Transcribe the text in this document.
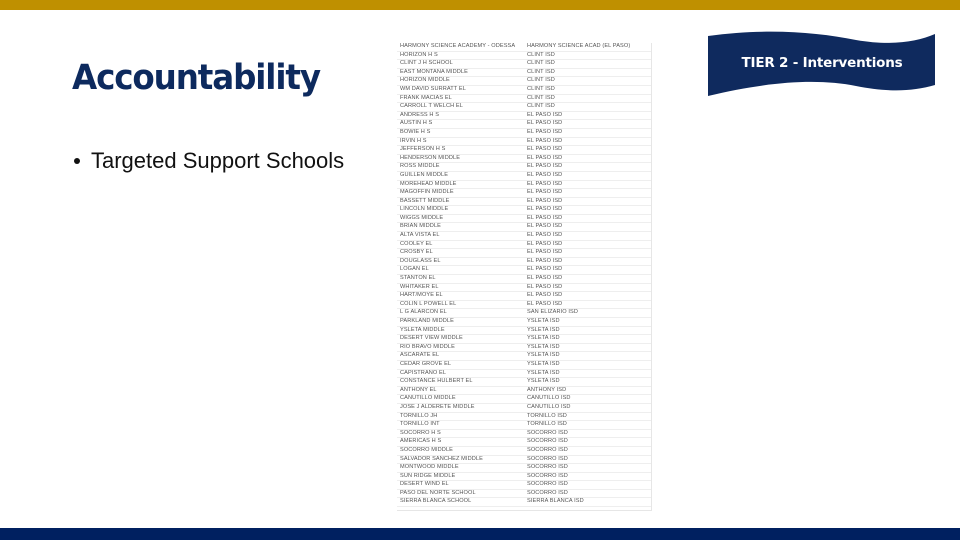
Accountability
Targeted Support Schools
HARMONY SCIENCE ACADEMY - ODESSA	HARMONY SCIENCE ACAD (EL PASO)
HORIZON H S	CLINT ISD
CLINT J H SCHOOL	CLINT ISD
EAST MONTANA MIDDLE	CLINT ISD
HORIZON MIDDLE	CLINT ISD
WM DAVID SURRATT EL	CLINT ISD
FRANK MACIAS EL	CLINT ISD
CARROLL T WELCH EL	CLINT ISD
ANDRESS H S	EL PASO ISD
AUSTIN H S	EL PASO ISD
BOWIE H S	EL PASO ISD
IRVIN H S	EL PASO ISD
JEFFERSON H S	EL PASO ISD
HENDERSON MIDDLE	EL PASO ISD
ROSS MIDDLE	EL PASO ISD
GUILLEN MIDDLE	EL PASO ISD
MOREHEAD MIDDLE	EL PASO ISD
MAGOFFIN MIDDLE	EL PASO ISD
BASSETT MIDDLE	EL PASO ISD
LINCOLN MIDDLE	EL PASO ISD
WIGGS MIDDLE	EL PASO ISD
BRIAN MIDDLE	EL PASO ISD
ALTA VISTA EL	EL PASO ISD
COOLEY EL	EL PASO ISD
CROSBY EL	EL PASO ISD
DOUGLASS EL	EL PASO ISD
LOGAN EL	EL PASO ISD
STANTON EL	EL PASO ISD
WHITAKER EL	EL PASO ISD
HART/MOYE EL	EL PASO ISD
COLIN L POWELL EL	EL PASO ISD
L G ALARCON EL	SAN ELIZARIO ISD
PARKLAND MIDDLE	YSLETA ISD
YSLETA MIDDLE	YSLETA ISD
DESERT VIEW MIDDLE	YSLETA ISD
RIO BRAVO MIDDLE	YSLETA ISD
ASCARATE EL	YSLETA ISD
CEDAR GROVE EL	YSLETA ISD
CAPISTRANO EL	YSLETA ISD
CONSTANCE HULBERT EL	YSLETA ISD
ANTHONY EL	ANTHONY ISD
CANUTILLO MIDDLE	CANUTILLO ISD
JOSE J ALDERETE MIDDLE	CANUTILLO ISD
TORNILLO JH	TORNILLO ISD
TORNILLO INT	TORNILLO ISD
SOCORRO H S	SOCORRO ISD
AMERICAS H S	SOCORRO ISD
SOCORRO MIDDLE	SOCORRO ISD
SALVADOR SANCHEZ MIDDLE	SOCORRO ISD
MONTWOOD MIDDLE	SOCORRO ISD
SUN RIDGE MIDDLE	SOCORRO ISD
DESERT WIND EL	SOCORRO ISD
PASO DEL NORTE SCHOOL	SOCORRO ISD
SIERRA BLANCA SCHOOL	SIERRA BLANCA ISD
TIER 2 - Interventions
